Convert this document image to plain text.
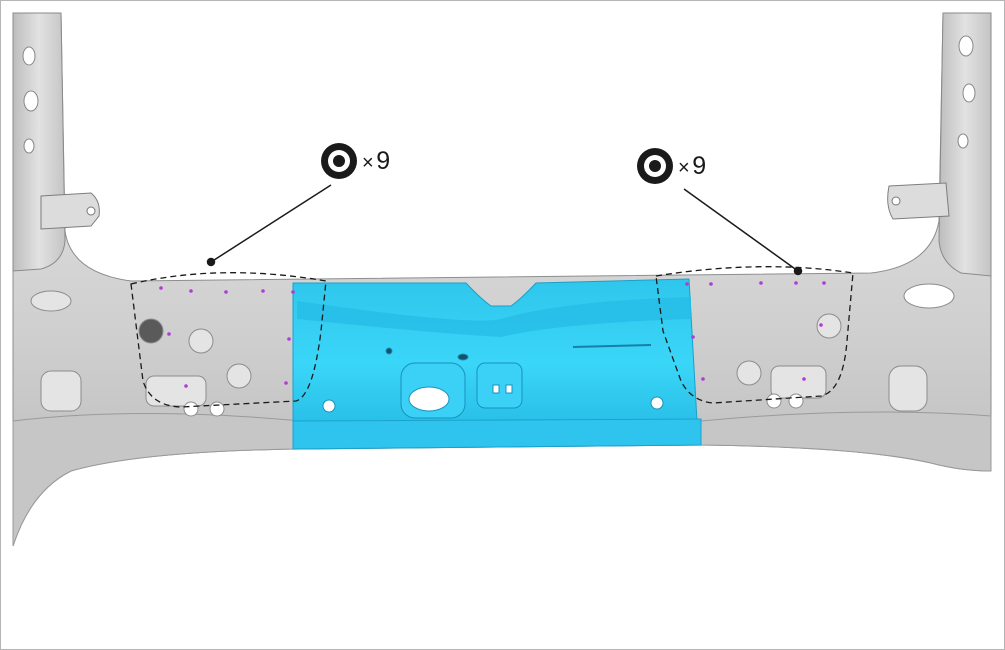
×9	×9
